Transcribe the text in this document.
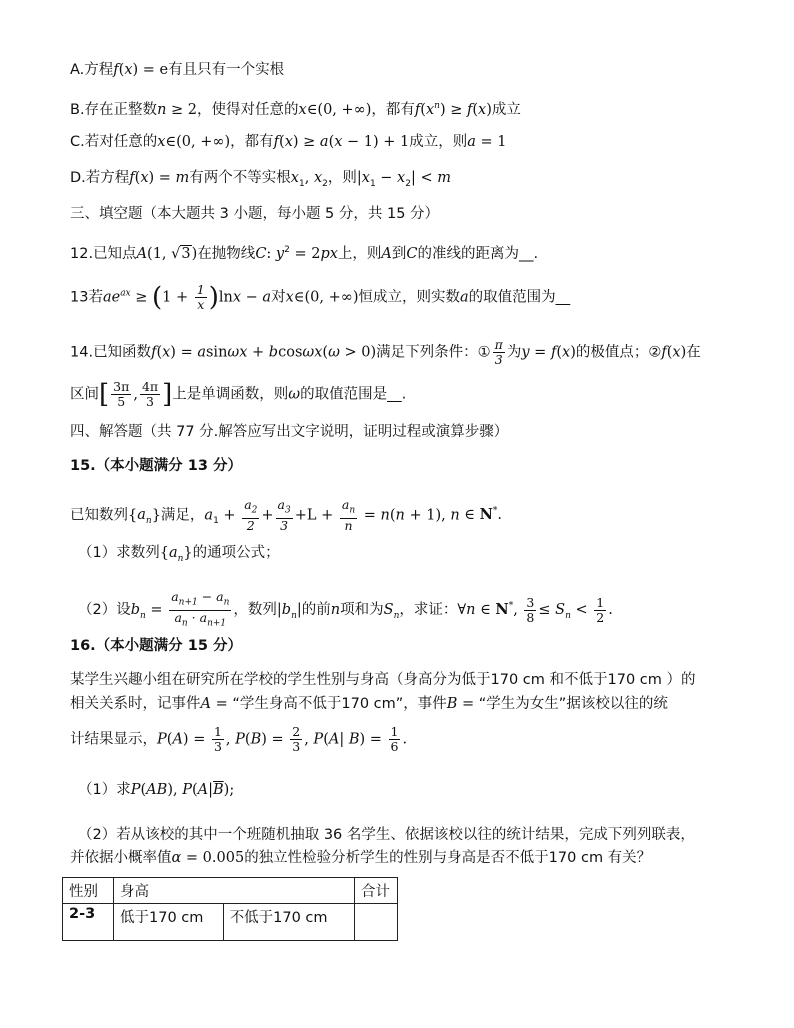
A.方程f(x) = e有且只有一个实根
B.存在正整数n ≥ 2，使得对任意的x∈(0, +∞)，都有$f(x^n) \ge f(x)$成立
C.若对任意的x∈(0, +∞)，都有f(x) ≥ a(x − 1) + 1成立，则a = 1
D.若方程f(x) = m有两个不等实根$x_1$, $x_2$，则$|x_1 - x_2| < m$
三、填空题（本大题共 3 小题，每小题 5 分，共 15 分）
12.已知点A(1, √3)在抛物线C: $y^2 = 2px$上，则A到C的准线的距离为__.
13若$ae^{ax} \ge (1 + \frac{1}{x} )\ln x - a$对x∈(0, +∞)恒成立，则实数a的取值范围为__
14.已知函数f(x) = asinωx + bcosωx(ω > 0)满足下列条件：① $\frac{\pi}{3}$ 为y = f(x)的极值点；②f(x)在
区间[ $\frac{3\pi}{5}$ , $\frac{4\pi}{3}$ ]上是单调函数，则ω的取值范围是__.
四、解答题（共 77 分.解答应写出文字说明，证明过程或演算步骤）
15.（本小题满分 13 分）
已知数列$\{a_n\}$满足，$a_1 + \frac{a_2}{2} + \frac{a_3}{3} +L + \frac{a_n}{n} = n(n + 1)$, n ∈ N*.
（1）求数列$\{a_n\}$的通项公式；
（2）设$b_n = \frac{a_{n+1} - a_n}{a_n \cdot a_{n+1}}$ ，数列$|b_n|$的前n项和为$S_n$，求证：∀n ∈ N*, $\frac{3}{8} \le S_n < \frac{1}{2}$ .
16.（本小题满分 15 分）
某学生兴趣小组在研究所在学校的学生性别与身高（身高分为低于170 cm 和不低于170 cm ）的
相关关系时，记事件A = “学生身高不低于170 cm”，事件B = “学生为女生”据该校以往的统
计结果显示，$P(A) = \frac{1}{3}$ , $P(B) = \frac{2}{3}$ , P(A| $B) = \frac{1}{6}$ .
（1）求P(AB), $P(A|\overline{B})$;
（2）若从该校的其中一个班随机抽取 36 名学生、依据该校以往的统计结果，完成下列列联表，
并依据小概率值α = 0.005的独立性检验分析学生的性别与身高是否不低于170 cm 有关？
性别	身高		合计
2-3	低于170 cm	不低于170 cm	
